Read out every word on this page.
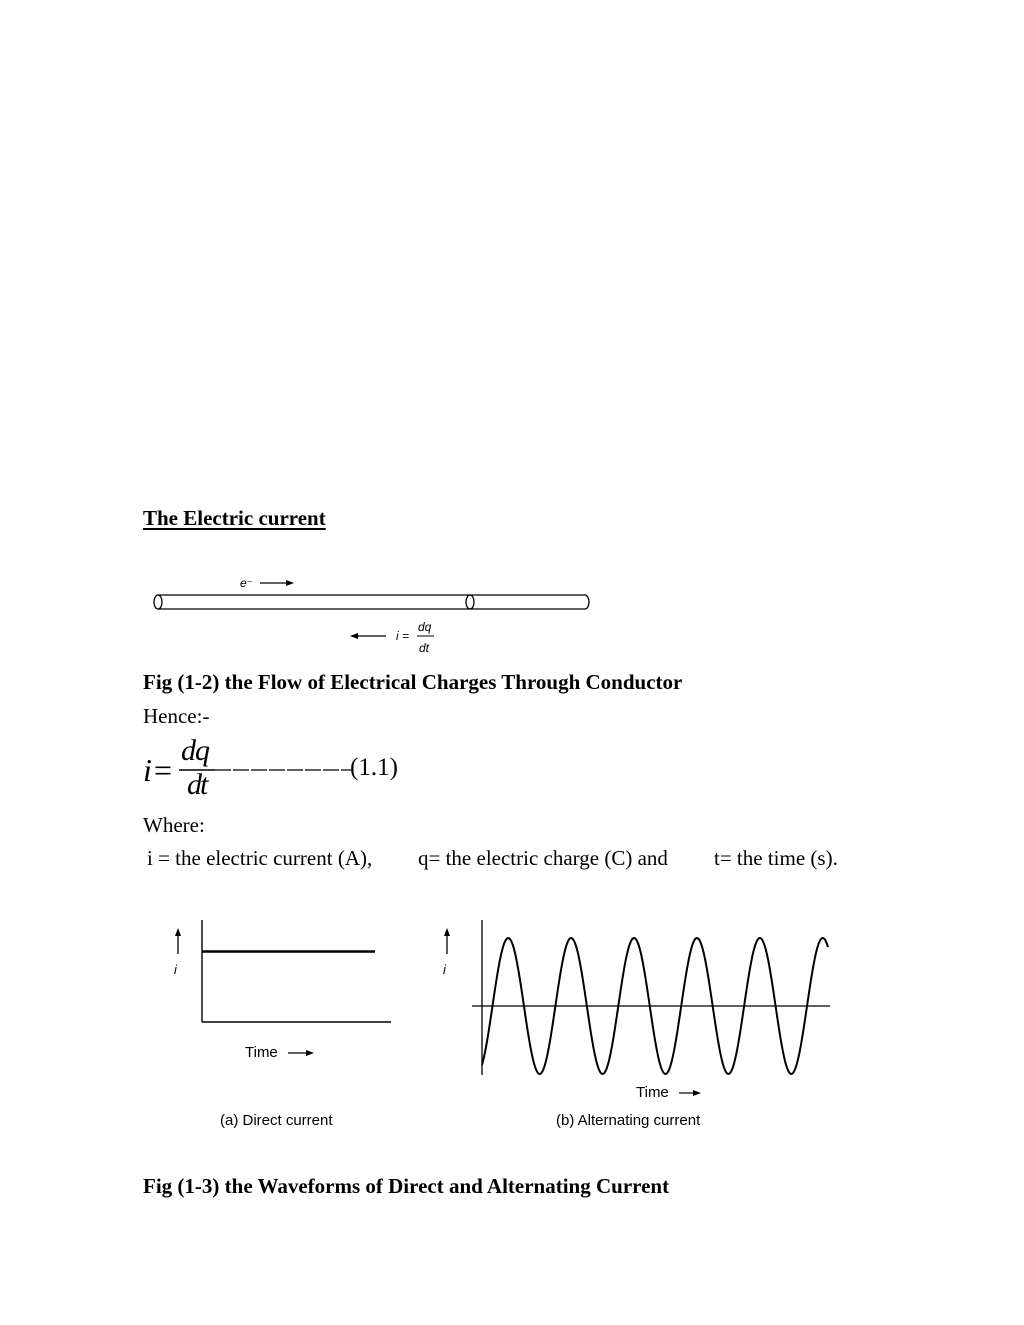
The Electric current
e⁻
i =
dq
dt
Fig (1-2) the Flow of Electrical Charges Through Conductor
Hence:-
i=
dq
dt
(1.1)
Where:
i = the electric current (A), q= the electric charge (C) and t= the time (s).
i
Time
(a) Direct current
i
Time
(b) Alternating current
Fig (1-3) the Waveforms of Direct and Alternating Current
